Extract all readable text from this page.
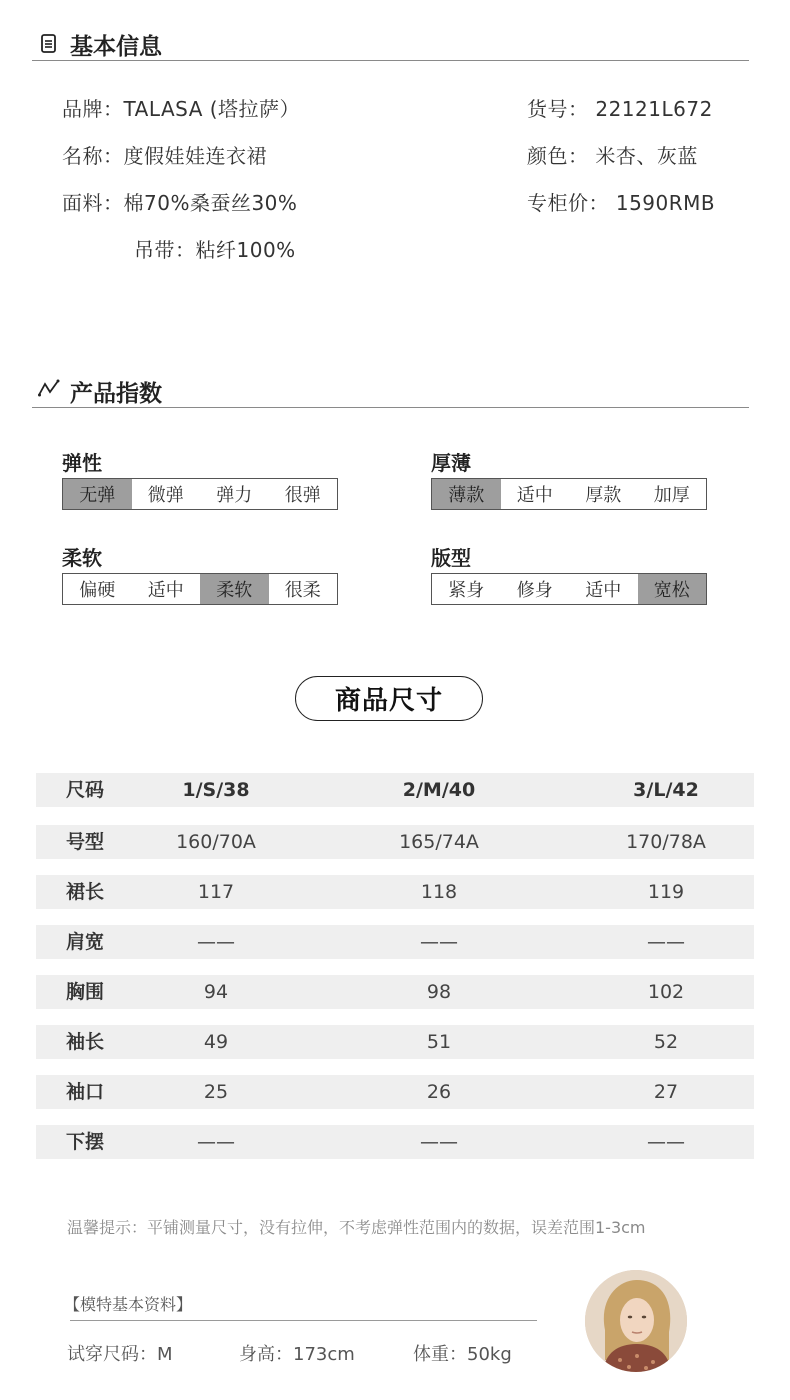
基本信息
品牌：TALASA (塔拉萨）
名称：度假娃娃连衣裙
面料：棉70%桑蚕丝30%
吊带：粘纤100%
货号： 22121L672
颜色： 米杏、灰蓝
专柜价： 1590RMB
产品指数
弹性
无弹	微弹	弹力	很弹
厚薄
薄款	适中	厚款	加厚
柔软
偏硬	适中	柔软	很柔
版型
紧身	修身	适中	宽松
商品尺寸
尺码	1/S/38	2/M/40	3/L/42
号型	160/70A	165/74A	170/78A
裙长	117	118	119
肩宽	——	——	——
胸围	94	98	102
袖长	49	51	52
袖口	25	26	27
下摆	——	——	——
温馨提示：平铺测量尺寸，没有拉伸，不考虑弹性范围内的数据，误差范围1-3cm
【模特基本资料】
试穿尺码：M	身高：173cm	体重：50kg
